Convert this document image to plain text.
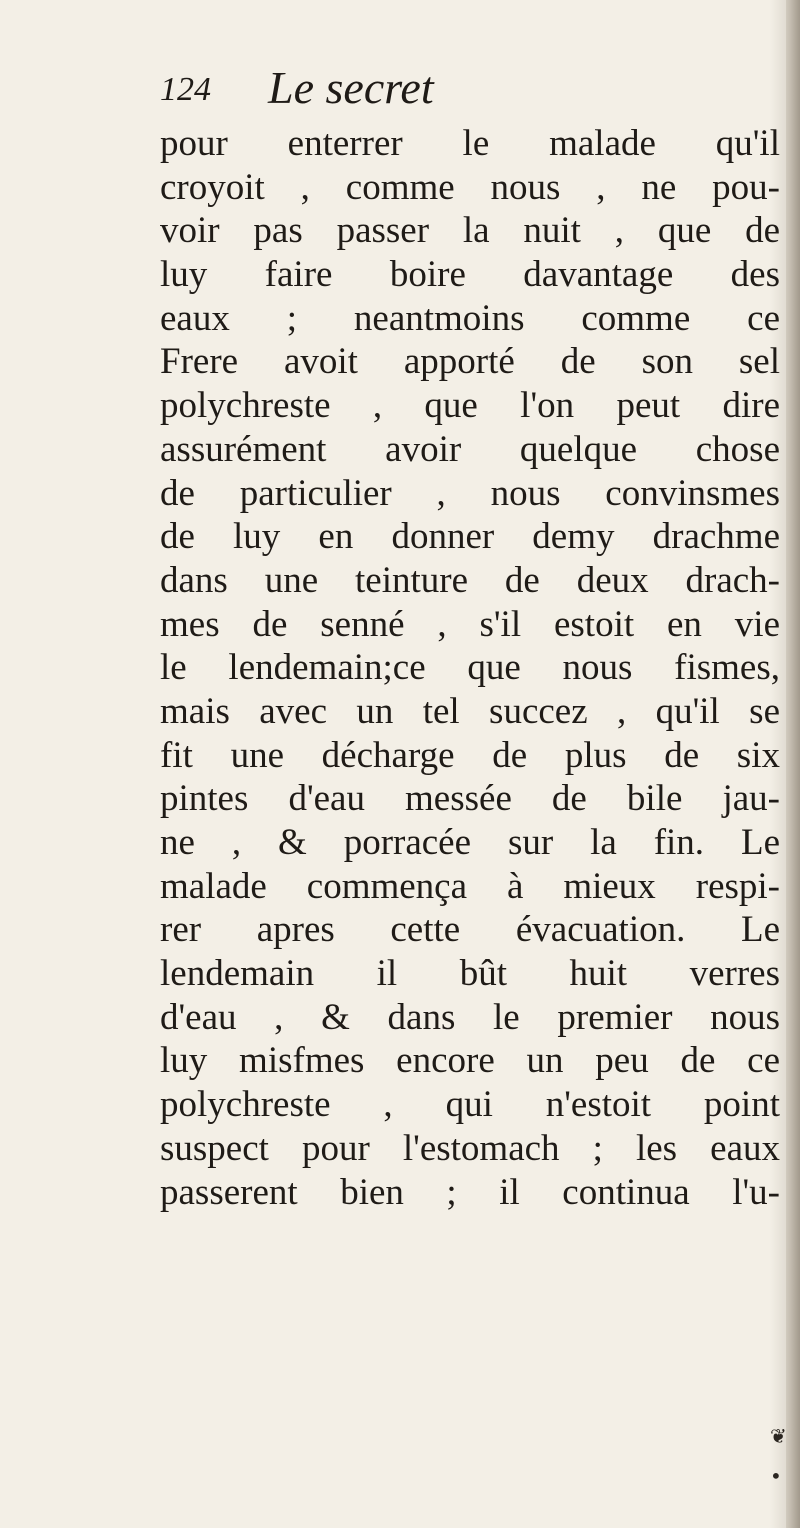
124 Le secret
pour enterrer le malade qu'il
croyoit , comme nous , ne pou-
voir pas passer la nuit , que de
luy faire boire davantage des
eaux ; neantmoins comme ce
Frere avoit apporté de son sel
polychreste , que l'on peut dire
assurément avoir quelque chose
de particulier , nous convinsmes
de luy en donner demy drachme
dans une teinture de deux drach-
mes de senné , s'il estoit en vie
le lendemain;ce que nous fismes,
mais avec un tel succez , qu'il se
fit une décharge de plus de six
pintes d'eau messée de bile jau-
ne , & porracée sur la fin. Le
malade commença à mieux respi-
rer apres cette évacuation. Le
lendemain il bût huit verres
d'eau , & dans le premier nous
luy misfmes encore un peu de ce
polychreste , qui n'estoit point
suspect pour l'estomach ; les eaux
passerent bien ; il continua l'u-
❦
•
